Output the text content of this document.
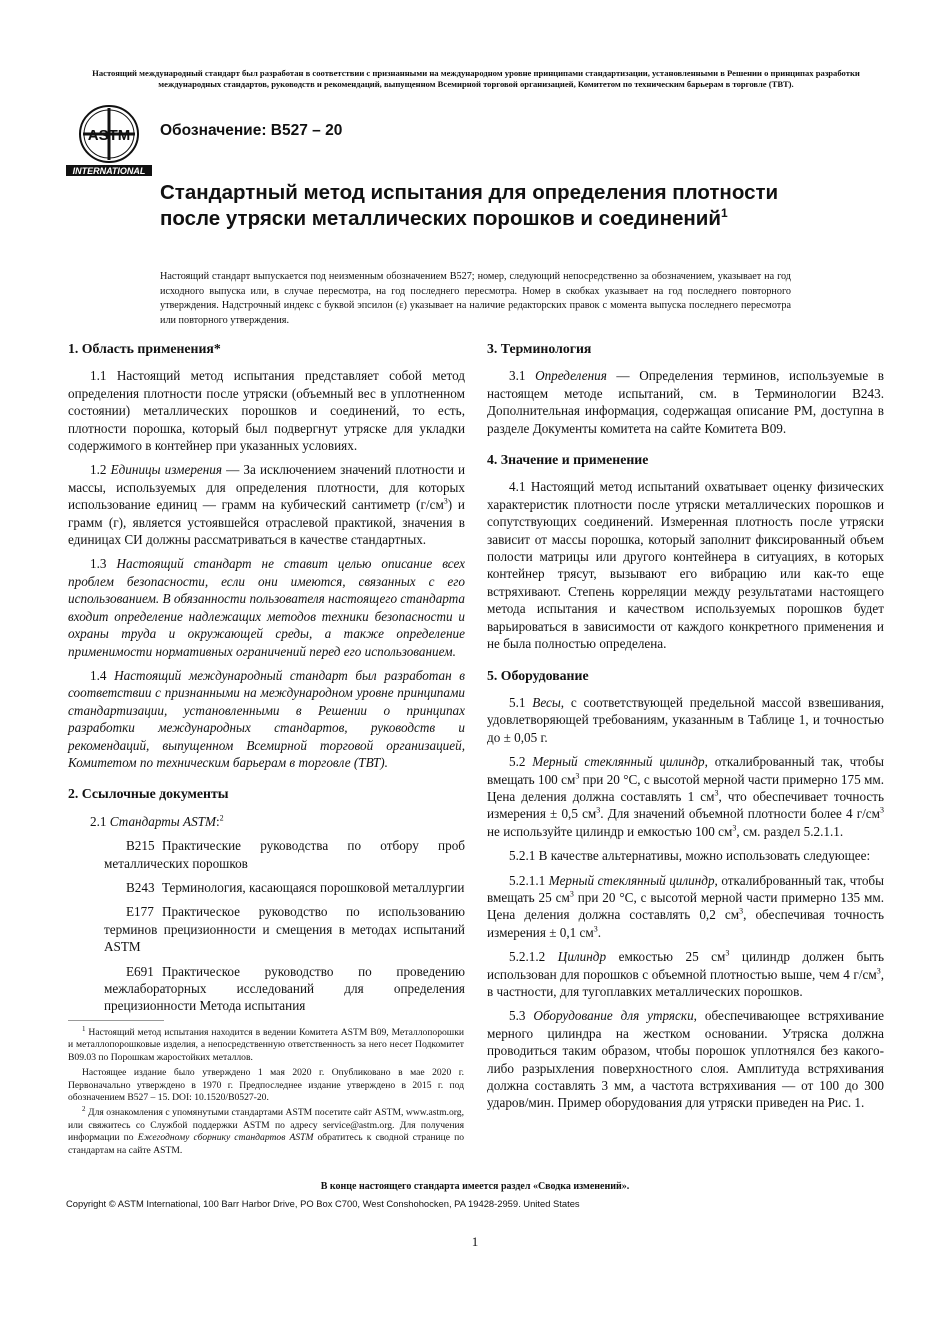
Настоящий международный стандарт был разработан в соответствии с признанными на международном уровне принципами стандартизации, установленными в Решении о принципах разработки международных стандартов, руководств и рекомендаций, выпущенном Всемирной торговой организацией, Комитетом по техническим барьерам в торговле (ТВТ).
ASTM
INTERNATIONAL
Обозначение: B527 – 20
Стандартный метод испытания для определения плотности после утряски металлических порошков и соединений$^1$

Настоящий стандарт выпускается под неизменным обозначением B527; номер, следующий непосредственно за обозначением, указывает на год исходного выпуска или, в случае пересмотра, на год последнего пересмотра. Номер в скобках указывает на год последнего повторного утверждения. Надстрочный индекс с буквой эпсилон (ε) указывает на наличие редакторских правок с момента выпуска последнего пересмотра или повторного утверждения.

1. Область применения*

1.1 Настоящий метод испытания представляет собой метод определения плотности после утряски (объемный вес в уплотненном состоянии) металлических порошков и соединений, то есть, плотности порошка, который был подвергнут утряске для укладки содержимого в контейнер при указанных условиях.

1.2 Единицы измерения — За исключением значений плотности и массы, используемых для определения плотности, для которых использование единиц — грамм на кубический сантиметр $(г/см^3)$ и грамм (г), является устоявшейся отраслевой практикой, значения в единицах СИ должны рассматриваться в качестве стандартных.

1.3 Настоящий стандарт не ставит целью описание всех проблем безопасности, если они имеются, связанных с его использованием. В обязанности пользователя настоящего стандарта входит определение надлежащих методов техники безопасности и охраны труда и окружающей среды, а также определение применимости нормативных ограничений перед его использованием.

1.4 Настоящий международный стандарт был разработан в соответствии с признанными на международном уровне принципами стандартизации, установленными в Решении о принципах разработки международных стандартов, руководств и рекомендаций, выпущенном Всемирной торговой организацией, Комитетом по техническим барьерам в торговле (ТВТ).

2. Ссылочные документы

2.1 Стандарты ASTM:$^2$

B215 Практические руководства по отбору проб металлических порошков

B243 Терминология, касающаяся порошковой металлургии

E177 Практическое руководство по использованию терминов прецизионности и смещения в методах испытаний ASTM

E691 Практическое руководство по проведению межлабораторных исследований для определения прецизионности Метода испытания

3. Терминология

3.1 Определения — Определения терминов, используемые в настоящем методе испытаний, см. в Терминологии B243. Дополнительная информация, содержащая описание PM, доступна в разделе Документы комитета на сайте Комитета B09.

4. Значение и применение

4.1 Настоящий метод испытаний охватывает оценку физических характеристик плотности после утряски металлических порошков и сопутствующих соединений. Измеренная плотность после утряски зависит от массы порошка, который заполнит фиксированный объем полости матрицы или другого контейнера в ситуациях, в которых контейнер трясут, вызывают его вибрацию или как-то еще встряхивают. Степень корреляции между результатами настоящего метода испытания и качеством используемых порошков будет варьироваться в зависимости от каждого конкретного применения и не была полностью определена.

5. Оборудование

5.1 Весы, с соответствующей предельной массой взвешивания, удовлетворяющей требованиям, указанным в Таблице 1, и точностью до ± 0,05 г.

5.2 Мерный стеклянный цилиндр, откалиброванный так, чтобы вмещать 100 $см^3$ при 20 °С, с высотой мерной части примерно 175 мм. Цена деления должна составлять 1 $см^3$, что обеспечивает точность измерения ± 0,5 $см^3$. Для значений объемной плотности более 4 $г/см^3$ не используйте цилиндр и емкостью 100 $см^3$, см. раздел 5.2.1.1.

5.2.1 В качестве альтернативы, можно использовать следующее:

5.2.1.1 Мерный стеклянный цилиндр, откалиброванный так, чтобы вмещать 25 $см^3$ при 20 °С, с высотой мерной части примерно 135 мм. Цена деления должна составлять 0,2 $см^3$, обеспечивая точность измерения ± 0,1 $см^3$.

5.2.1.2 Цилиндр емкостью 25 $см^3$ цилиндр должен быть использован для порошков с объемной плотностью выше, чем 4 $г/см^3$, в частности, для тугоплавких металлических порошков.

5.3 Оборудование для утряски, обеспечивающее встряхивание мерного цилиндра на жестком основании. Утряска должна проводиться таким образом, чтобы порошок уплотнялся без какого-либо разрыхления поверхностного слоя. Амплитуда встряхивания должна составлять 3 мм, а частота встряхивания — от 100 до 300 ударов/мин. Пример оборудования для утряски приведен на Рис. 1.

$^1$ Настоящий метод испытания находится в ведении Комитета ASTM B09, Металлопорошки и металлопорошковые изделия, а непосредственную ответственность за него несет Подкомитет B09.03 по Порошкам жаростойких металлов.

Настоящее издание было утверждено 1 мая 2020 г. Опубликовано в мае 2020 г. Первоначально утверждено в 1970 г. Предпоследнее издание утверждено в 2015 г. под обозначением B527 – 15. DOI: 10.1520/B0527-20.

$^2$ Для ознакомления с упомянутыми стандартами ASTM посетите сайт ASTM, www.astm.org, или свяжитесь со Службой поддержки ASTM по адресу service@astm.org. Для получения информации по Ежегодному сборнику стандартов ASTM обратитесь к сводной странице по стандартам на сайте ASTM.

В конце настоящего стандарта имеется раздел «Сводка изменений».
Copyright © ASTM International, 100 Barr Harbor Drive, PO Box C700, West Conshohocken, PA 19428-2959. United States
1
